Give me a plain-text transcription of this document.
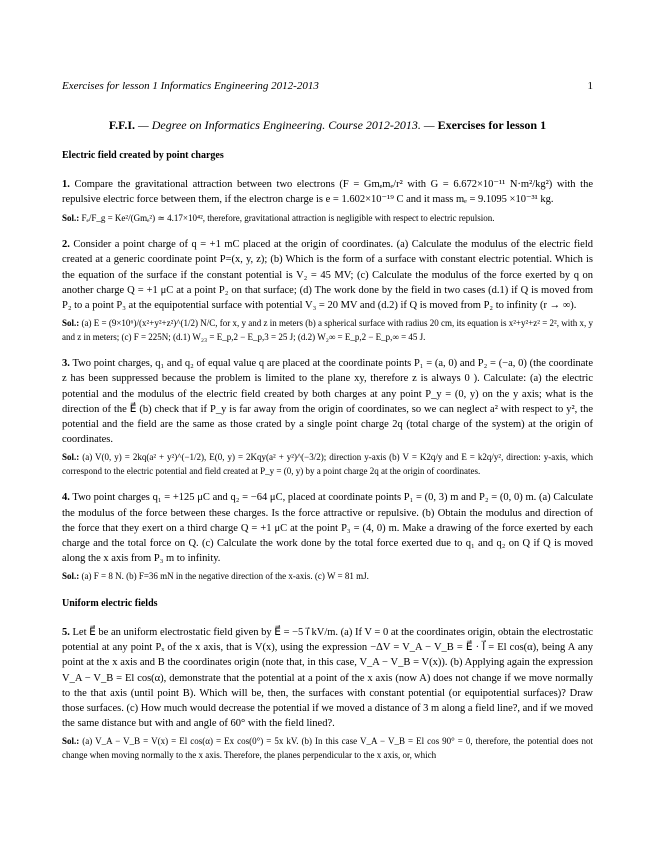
Exercises for lesson 1 Informatics Engineering 2012-2013	1
F.F.I. — Degree on Informatics Engineering. Course 2012-2013. — Exercises for lesson 1
Electric field created by point charges
1. Compare the gravitational attraction between two electrons (F = Gmₑmₑ/r² with G = 6.672×10⁻¹¹ N·m²/kg²) with the repulsive electric force between them, if the electron charge is e = 1.602×10⁻¹⁹ C and it mass mₑ = 9.1095 ×10⁻³¹ kg.
Sol.: Fₑ/F_g = Ke²/(Gmₑ²) ≃ 4.17×10⁴², therefore, gravitational attraction is negligible with respect to electric repulsion.
2. Consider a point charge of q = +1 mC placed at the origin of coordinates. (a) Calculate the modulus of the electric field created at a generic coordinate point P=(x, y, z); (b) Which is the form of a surface with constant electric potential. Which is the equation of the surface if the constant potential is V₂ = 45 MV; (c) Calculate the modulus of the force exerted by q on another charge Q = +1 μC at a point P₂ on that surface; (d) The work done by the field in two cases (d.1) if Q is moved from P₂ to a point P₃ at the equipotential surface with potential V₃ = 20 MV and (d.2) if Q is moved from P₂ to infinity (r → ∞).
Sol.: (a) E = (9×10⁶)/(x²+y²+z²)^(1/2) N/C, for x, y and z in meters (b) a spherical surface with radius 20 cm, its equation is x²+y²+z² = 2², with x, y and z in meters; (c) F = 225N; (d.1) W₂₃ = E_p,2 − E_p,3 = 25 J; (d.2) W₂∞ = E_p,2 − E_p,∞ = 45 J.
3. Two point charges, q₁ and q₂ of equal value q are placed at the coordinate points P₁ = (a, 0) and P₂ = (−a, 0) (the coordinate z has been suppressed because the problem is limited to the plane xy, therefore z is always 0 ). Calculate: (a) the electric potential and the modulus of the electric field created by both charges at any point P_y = (0, y) on the y axis; what is the direction of the E⃗ (b) check that if P_y is far away from the origin of coordinates, so we can neglect a² with respect to y², the potential and the field are the same as those crated by a single point charge 2q (total charge of the system) at the origin of coordinates.
Sol.: (a) V(0, y) = 2kq(a² + y²)^(−1/2), E(0, y) = 2Kqy(a² + y²)^(−3/2); direction y-axis (b) V = K2q/y and E = k2q/y², direction: y-axis, which correspond to the electric potential and field created at P_y = (0, y) by a point charge 2q at the origin of coordinates.
4. Two point charges q₁ = +125 μC and q₂ = −64 μC, placed at coordinate points P₁ = (0, 3) m and P₂ = (0, 0) m. (a) Calculate the modulus of the force between these charges. Is the force attractive or repulsive. (b) Obtain the modulus and direction of the force that they exert on a third charge Q = +1 μC at the point P₃ = (4, 0) m. Make a drawing of the force exerted by each charge and the total force on Q. (c) Calculate the work done by the total force exerted due to q₁ and q₂ on Q if Q is moved along the x axis from P₃ m to infinity.
Sol.: (a) F = 8 N. (b) F=36 mN in the negative direction of the x-axis. (c) W = 81 mJ.
Uniform electric fields
5. Let E⃗ be an uniform electrostatic field given by E⃗ = −5 i⃗ kV/m. (a) If V = 0 at the coordinates origin, obtain the electrostatic potential at any point Pₓ of the x axis, that is V(x), using the expression −ΔV = V_A − V_B = E⃗ · l⃗ = El cos(α), being A any point at the x axis and B the coordinates origin (note that, in this case, V_A − V_B = V(x)). (b) Applying again the expression V_A − V_B = El cos(α), demonstrate that the potential at a point of the x axis (now A) does not change if we move normally to the that axis (until point B). Which will be, then, the surfaces with constant potential (or equipotential surfaces)? Draw those surfaces. (c) How much would decrease the potential if we moved a distance of 3 m along a field line?, and if we moved the same distance but with and angle of 60° with the field lined?.
Sol.: (a) V_A − V_B = V(x) = El cos(α) = Ex cos(0°) = 5x kV. (b) In this case V_A − V_B = El cos 90° = 0, therefore, the potential does not change when moving normally to the x axis. Therefore, the planes perpendicular to the x axis, or, which
